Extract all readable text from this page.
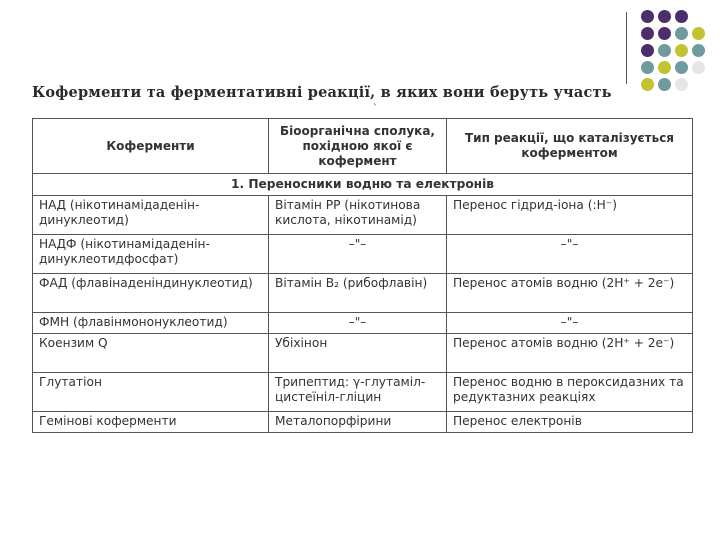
Коферменти та ферментативні реакції, в яких вони беруть участь
`
Коферменти	Біоорганічна сполука, похідною якої є кофермент	Тип реакції, що каталізується коферментом
1. Переносники водню та електронів		
НАД (нікотинамідаденін-динуклеотид)	Вітамін РР (нікотинова кислота, нікотинамід)	Перенос гідрид-іона (:Н⁻)
НАДФ (нікотинамідаденін-динуклеотидфосфат)	–"–	–"–
ФАД (флавінаденіндинуклеотид)	Вітамін В₂ (рибофлавін)	Перенос атомів водню (2Н⁺ + 2е⁻)
ФМН (флавінмононуклеотид)	–"–	–"–
Коензим Q	Убіхінон	Перенос атомів водню (2Н⁺ + 2е⁻)
Глутатіон	Трипептид: γ-глутаміл-цистеїніл-гліцин	Перенос водню в пероксидазних та редуктазних реакціях
Гемінові коферменти	Металопорфірини	Перенос електронів
